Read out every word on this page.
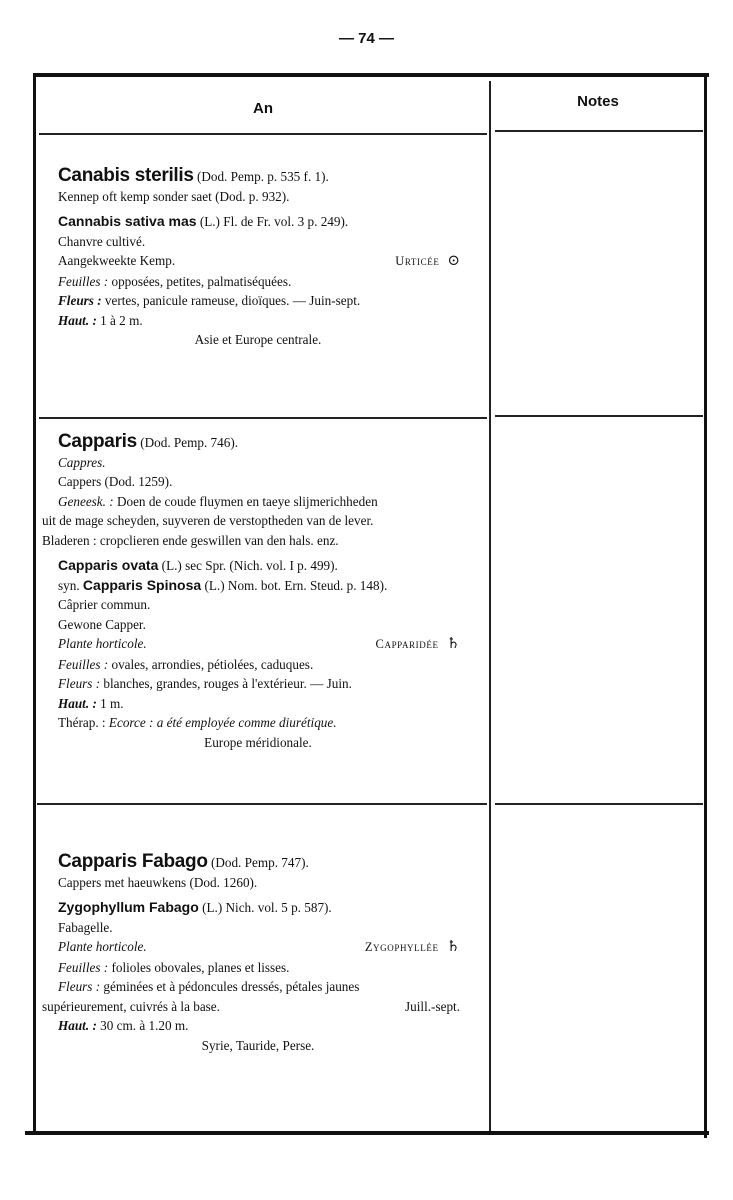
— 74 —
An	Notes

Canabis sterilis (Dod. Pemp. p. 535 f. 1).

Kennep oft kemp sonder saet (Dod. p. 932).

Cannabis sativa mas (L.) Fl. de Fr. vol. 3 p. 249).

Chanvre cultivé.

Aangekweekte Kemp.	Urticée ⊙

Feuilles : opposées, petites, palmatiséquées.

Fleurs : vertes, panicule rameuse, dioïques. — Juin-sept.

Haut. : 1 à 2 m.

Asie et Europe centrale.

Capparis (Dod. Pemp. 746).

Cappres.

Cappers (Dod. 1259).

Geneesk. : Doen de coude fluymen en taeye slijmerichheden

uit de mage scheyden, suyveren de verstoptheden van de lever.

Bladeren : cropclieren ende geswillen van den hals. enz.

Capparis ovata (L.) sec Spr. (Nich. vol. I p. 499).

syn. Capparis Spinosa (L.) Nom. bot. Ern. Steud. p. 148).

Câprier commun.

Gewone Capper.

Plante horticole.	Capparidée ♄

Feuilles : ovales, arrondies, pétiolées, caduques.

Fleurs : blanches, grandes, rouges à l'extérieur. — Juin.

Haut. : 1 m.

Thérap. : Ecorce : a été employée comme diurétique.

Europe méridionale.

Capparis Fabago (Dod. Pemp. 747).

Cappers met haeuwkens (Dod. 1260).

Zygophyllum Fabago (L.) Nich. vol. 5 p. 587).

Fabagelle.

Plante horticole.	Zygophyllée ♄

Feuilles : folioles obovales, planes et lisses.

Fleurs : géminées et à pédoncules dressés, pétales jaunes

supérieurement, cuivrés à la base.	Juill.-sept.

Haut. : 30 cm. à 1.20 m.

Syrie, Tauride, Perse.
